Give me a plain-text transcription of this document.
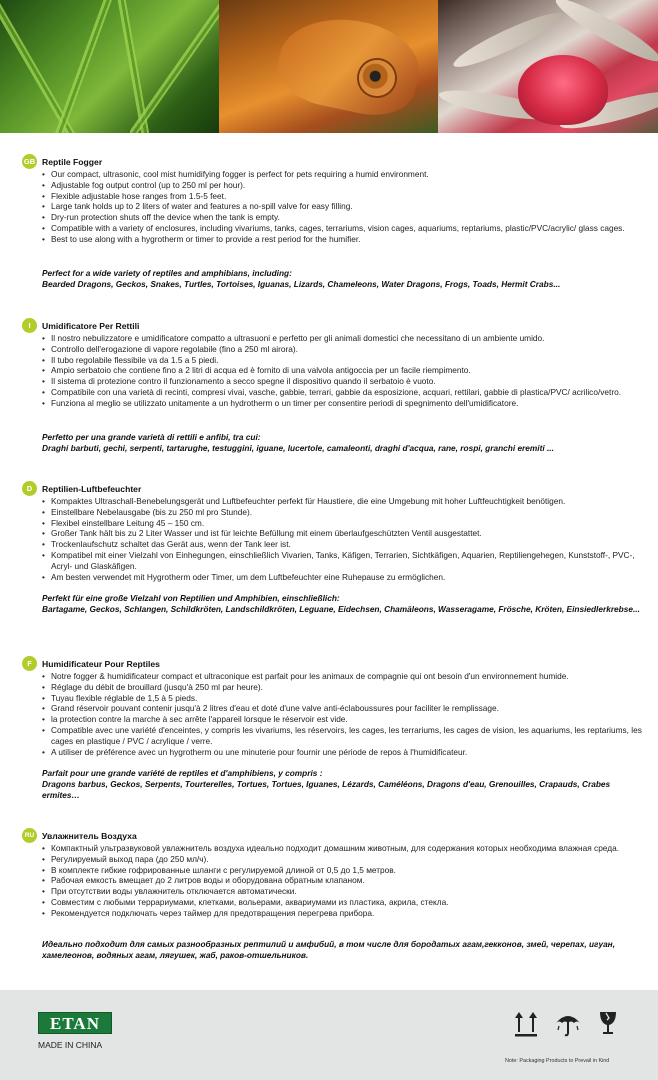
GB Reptile Fogger
• Our compact, ultrasonic, cool mist humidifying fogger is perfect for pets requiring a humid environment.
• Adjustable fog output control (up to 250 ml per hour).
• Flexible adjustable hose ranges from 1.5-5 feet.
• Large tank holds up to 2 liters of water and features a no-spill valve for easy filling.
• Dry-run protection shuts off the device when the tank is empty.
• Compatible with a variety of enclosures, including vivariums, tanks, cages, terrariums, vision cages, aquariums, reptariums, plastic/PVC/acrylic/ glass cages.
• Best to use along with a hygrotherm or timer to provide a rest period for the humifier.
Perfect for a wide variety of reptiles and amphibians, including:
Bearded Dragons, Geckos, Snakes, Turtles, Tortoises, Iguanas, Lizards, Chameleons, Water Dragons, Frogs, Toads, Hermit Crabs...
I	Umidificatore Per Rettili
• Il nostro nebulizzatore e umidificatore compatto a ultrasuoni e perfetto per gli animali domestici che necessitano di un ambiente umido.
• Controllo dell'erogazione di vapore regolabile (fino a 250 ml airora).
• Il tubo regolabile flessibile va da 1.5 a 5 piedi.
• Ampio serbatoio che contiene fino a 2 litri di acqua ed è fornito di una valvola antigoccia per un facile riempimento.
• Il sistema di protezione contro il funzionamento a secco spegne il dispositivo quando il serbatoio è vuoto.
• Compatibile con una varietà di recinti, compresi vivai, vasche, gabbie, terrari, gabbie da esposizione, acquari, rettilari, gabbie di plastica/PVC/ acrilico/vetro.
• Funziona al meglio se utilizzato unitamente a un hydrotherm o un timer per consentire periodi di spegnimento dell'umidificatore.
Perfetto per una grande varietà di rettili e anfibi, tra cui:
Draghi barbuti, gechi, serpenti, tartarughe, testuggini, iguane, lucertole, camaleonti, draghi d'acqua, rane, rospi, granchi eremiti ...
D	Reptilien-Luftbefeuchter
• Kompaktes Ultraschall-Benebelungsgerät und Luftbefeuchter perfekt für Haustiere, die eine Umgebung mit hoher Luftfeuchtigkeit benötigen.
• Einstellbare Nebelausgabe (bis zu 250 ml pro Stunde).
• Flexibel einstellbare Leitung 45 – 150 cm.
• Großer Tank hält bis zu 2 Liter Wasser und ist für leichte Befüllung mit einem überlaufgeschützten Ventil ausgestattet.
• Trockenlaufschutz schaltet das Gerät aus, wenn der Tank leer ist.
• Kompatibel mit einer Vielzahl von Einhegungen, einschließlich Vivarien, Tanks, Käfigen, Terrarien, Sichtkäfigen, Aquarien, Reptiliengehegen, Kunststoff-, PVC-, Acryl- und Glaskäfigen.
• Am besten verwendet mit Hygrotherm oder Timer, um dem Luftbefeuchter eine Ruhepause zu ermöglichen.
Perfekt für eine große Vielzahl von Reptilien und Amphibien, einschließlich:
Bartagame, Geckos, Schlangen, Schildkröten, Landschildkröten, Leguane, Eidechsen, Chamäleons, Wasseragame, Frösche, Kröten, Einsiedlerkrebse...
F	Humidificateur Pour Reptiles
• Notre fogger & humidificateur compact et ultraconique est parfait pour les animaux de compagnie qui ont besoin d'un environnement humide.
• Réglage du débit de brouillard (jusqu'à 250 ml par heure).
• Tuyau flexible réglable de 1,5 à 5 pieds.
• Grand réservoir pouvant contenir jusqu'à 2 litres d'eau et doté d'une valve anti-éclaboussures pour faciliter le remplissage.
• la protection contre la marche à sec arrête l'appareil lorsque le réservoir est vide.
• Compatible avec une variété d'enceintes, y compris les vivariums, les réservoirs, les cages, les terrariums, les cages de vision, les aquariums, les reptariums, les cages en plastique / PVC / acrylique / verre.
• A utiliser de préférence avec un hygrotherm ou une minuterie pour fournir une période de repos à l'humidificateur.
Parfait pour une grande variété de reptiles et d'amphibiens, y compris :
Dragons barbus, Geckos, Serpents, Tourterelles, Tortues, Tortues, Iguanes, Lézards, Caméléons, Dragons d'eau, Grenouilles, Crapauds, Crabes ermites…
RU Увлажнитель Воздуха
• Компактный ультразвуковой увлажнитель воздуха идеально подходит домашним животным, для содержания которых необходима влажная среда.
• Регулируемый выход пара (до 250 мл/ч).
• В комплекте гибкие гофрированные шланги с регулируемой длиной от 0,5 до 1,5 метров.
• Рабочая емкость вмещает до 2 литров воды и оборудована обратным клапаном.
• При отсутствии воды увлажнитель отключается автоматически.
• Совместим с любыми террариумами, клетками, вольерами, аквариумами из пластика, акрила, стекла.
• Рекомендуется подключать через таймер для предотвращения перегрева прибора.
Идеально подходит для самых разнообразных рептилий и амфибий, в том числе для бородатых агам,гекконов, змей, черепах, игуан, хамелеонов, водяных агам, лягушек, жаб, раков-отшельников.
ETAN
MADE IN CHINA
Note: Packaging Products to Prevail in Kind
